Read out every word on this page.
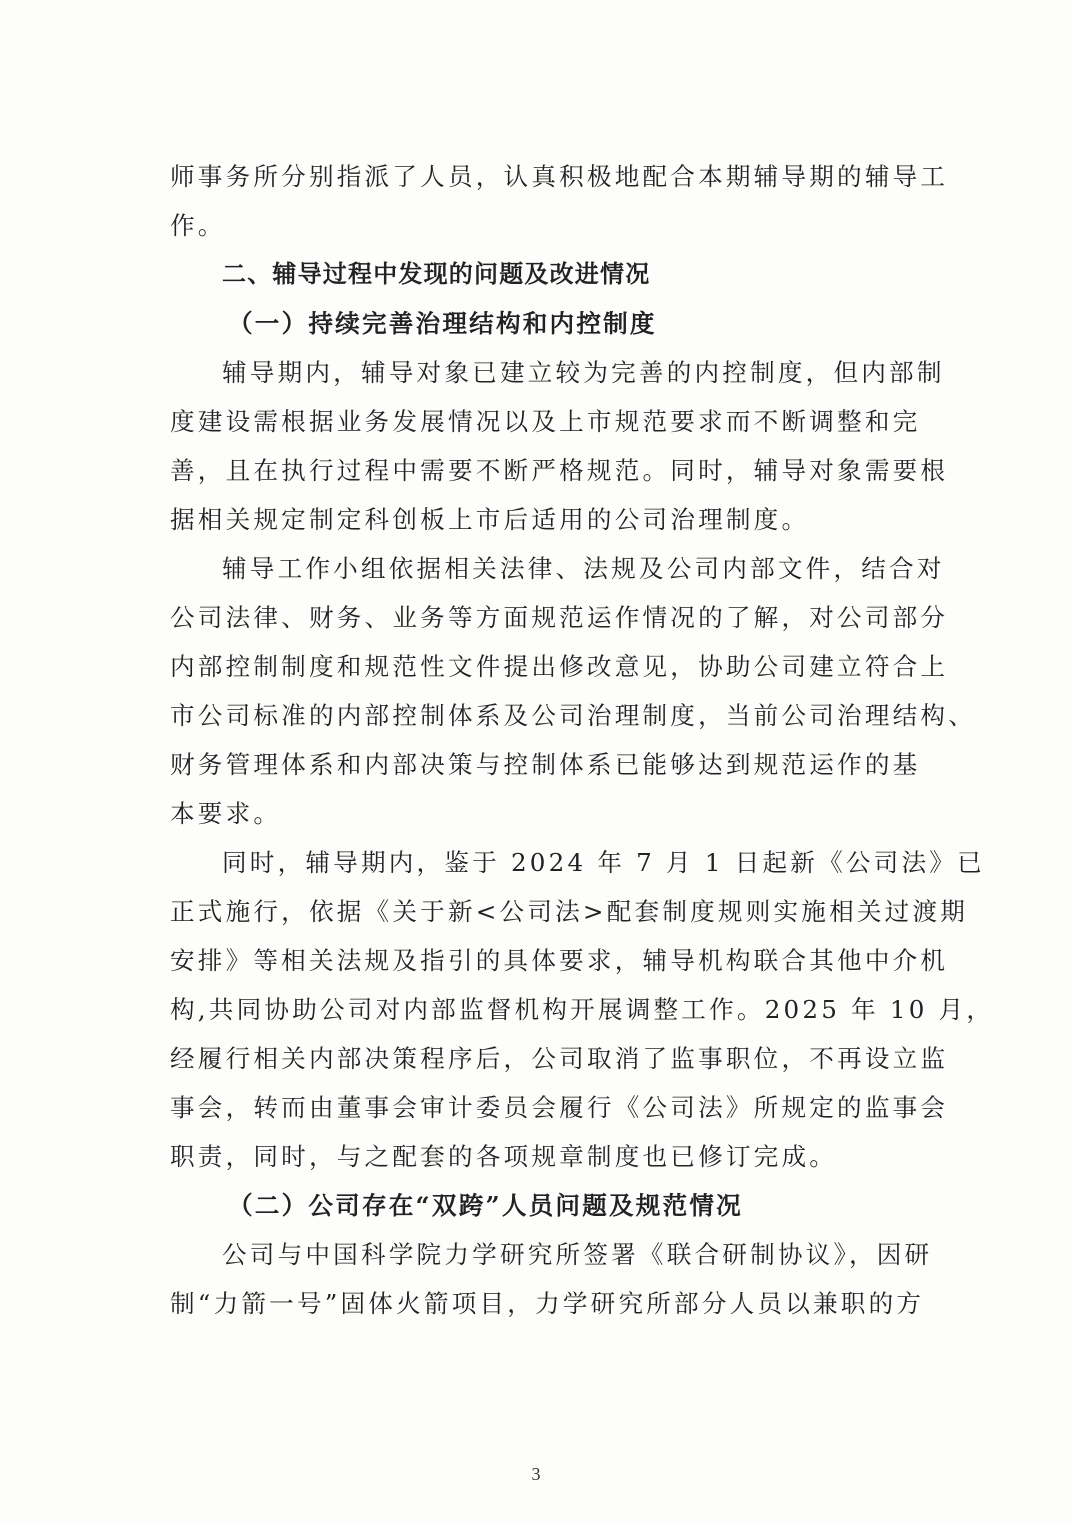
师事务所分别指派了人员，认真积极地配合本期辅导期的辅导工
作。
二、辅导过程中发现的问题及改进情况
（一）持续完善治理结构和内控制度
辅导期内，辅导对象已建立较为完善的内控制度，但内部制
度建设需根据业务发展情况以及上市规范要求而不断调整和完
善，且在执行过程中需要不断严格规范。同时，辅导对象需要根
据相关规定制定科创板上市后适用的公司治理制度。
辅导工作小组依据相关法律、法规及公司内部文件，结合对
公司法律、财务、业务等方面规范运作情况的了解，对公司部分
内部控制制度和规范性文件提出修改意见，协助公司建立符合上
市公司标准的内部控制体系及公司治理制度，当前公司治理结构、
财务管理体系和内部决策与控制体系已能够达到规范运作的基
本要求。
同时，辅导期内，鉴于 2024 年 7 月 1 日起新《公司法》已
正式施行，依据《关于新<公司法>配套制度规则实施相关过渡期
安排》等相关法规及指引的具体要求，辅导机构联合其他中介机
构,共同协助公司对内部监督机构开展调整工作。2025 年 10 月，
经履行相关内部决策程序后，公司取消了监事职位，不再设立监
事会，转而由董事会审计委员会履行《公司法》所规定的监事会
职责，同时，与之配套的各项规章制度也已修订完成。
（二）公司存在“双跨”人员问题及规范情况
公司与中国科学院力学研究所签署《联合研制协议》，因研
制“力箭一号”固体火箭项目，力学研究所部分人员以兼职的方
3
